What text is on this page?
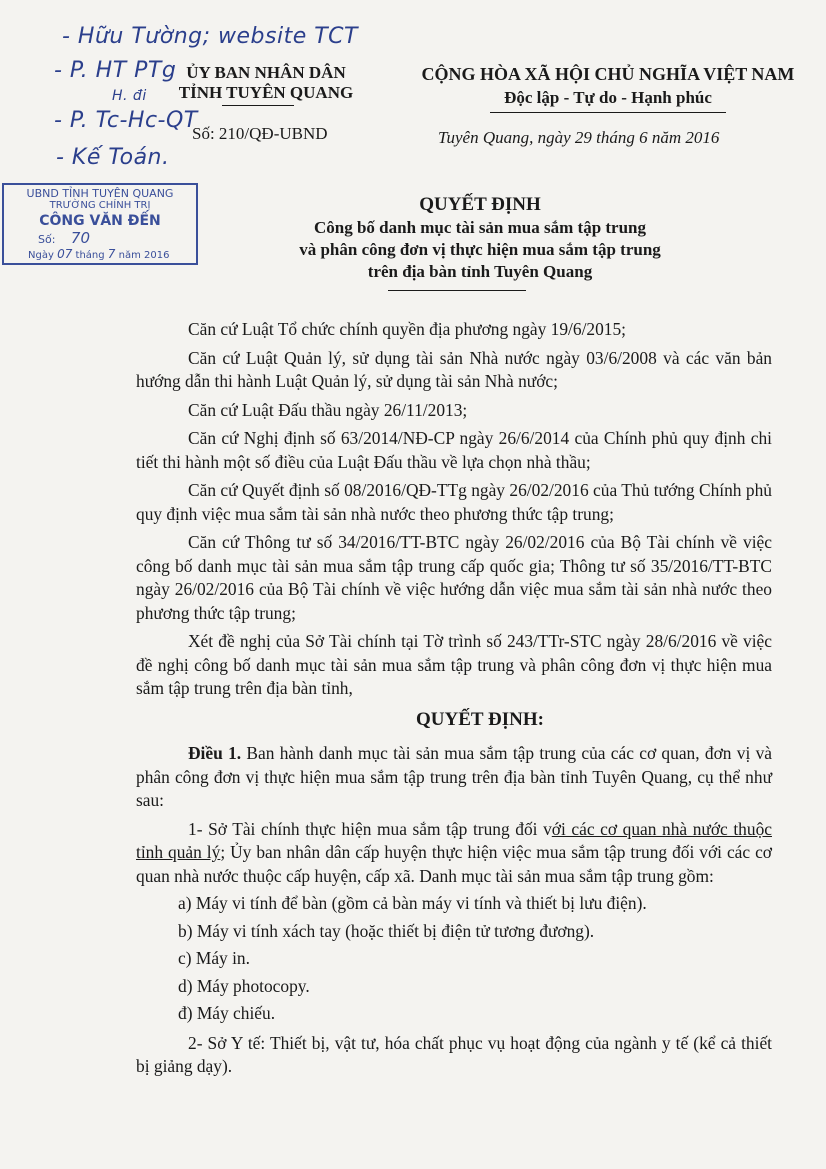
- Hữu Tường; website TCT
- P. HT PTg
H. đi
- P. Tc-Hc-QT
- Kế Toán.
ỦY BAN NHÂN DÂN
TỈNH TUYÊN QUANG
Số: 210/QĐ-UBND
CỘNG HÒA XÃ HỘI CHỦ NGHĨA VIỆT NAM
Độc lập - Tự do - Hạnh phúc
Tuyên Quang, ngày 29 tháng 6 năm 2016
UBND TỈNH TUYÊN QUANG
TRƯỜNG CHÍNH TRỊ
CÔNG VĂN ĐẾN
Số: 70
Ngày 07 tháng 7 năm 2016
QUYẾT ĐỊNH
Công bố danh mục tài sản mua sắm tập trung
và phân công đơn vị thực hiện mua sắm tập trung
trên địa bàn tỉnh Tuyên Quang
Căn cứ Luật Tổ chức chính quyền địa phương ngày 19/6/2015;
Căn cứ Luật Quản lý, sử dụng tài sản Nhà nước ngày 03/6/2008 và các văn bản hướng dẫn thi hành Luật Quản lý, sử dụng tài sản Nhà nước;
Căn cứ Luật Đấu thầu ngày 26/11/2013;
Căn cứ Nghị định số 63/2014/NĐ-CP ngày 26/6/2014 của Chính phủ quy định chi tiết thi hành một số điều của Luật Đấu thầu về lựa chọn nhà thầu;
Căn cứ Quyết định số 08/2016/QĐ-TTg ngày 26/02/2016 của Thủ tướng Chính phủ quy định việc mua sắm tài sản nhà nước theo phương thức tập trung;
Căn cứ Thông tư số 34/2016/TT-BTC ngày 26/02/2016 của Bộ Tài chính về việc công bố danh mục tài sản mua sắm tập trung cấp quốc gia; Thông tư số 35/2016/TT-BTC ngày 26/02/2016 của Bộ Tài chính về việc hướng dẫn việc mua sắm tài sản nhà nước theo phương thức tập trung;
Xét đề nghị của Sở Tài chính tại Tờ trình số 243/TTr-STC ngày 28/6/2016 về việc đề nghị công bố danh mục tài sản mua sắm tập trung và phân công đơn vị thực hiện mua sắm tập trung trên địa bàn tỉnh,
QUYẾT ĐỊNH:
Điều 1. Ban hành danh mục tài sản mua sắm tập trung của các cơ quan, đơn vị và phân công đơn vị thực hiện mua sắm tập trung trên địa bàn tỉnh Tuyên Quang, cụ thể như sau:
1- Sở Tài chính thực hiện mua sắm tập trung đối với các cơ quan nhà nước thuộc tỉnh quản lý; Ủy ban nhân dân cấp huyện thực hiện việc mua sắm tập trung đối với các cơ quan nhà nước thuộc cấp huyện, cấp xã. Danh mục tài sản mua sắm tập trung gồm:
a) Máy vi tính để bàn (gồm cả bàn máy vi tính và thiết bị lưu điện).
b) Máy vi tính xách tay (hoặc thiết bị điện tử tương đương).
c) Máy in.
d) Máy photocopy.
đ) Máy chiếu.
2- Sở Y tế: Thiết bị, vật tư, hóa chất phục vụ hoạt động của ngành y tế (kể cả thiết bị giảng dạy).
